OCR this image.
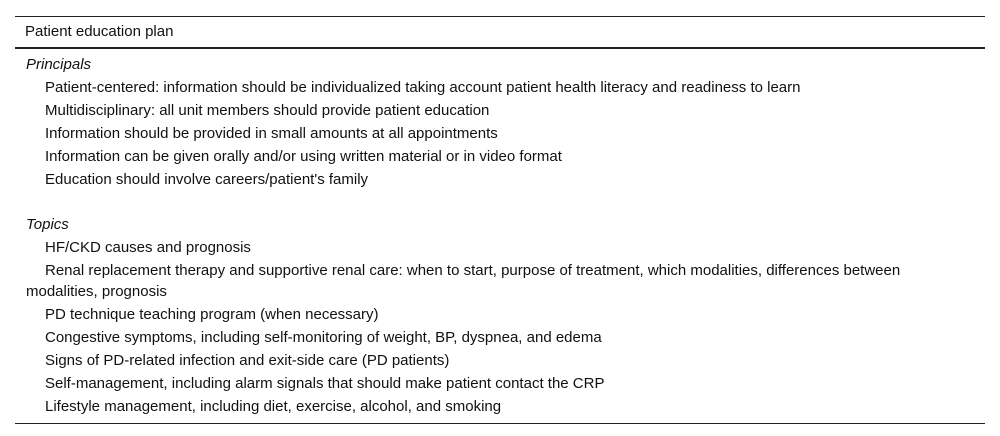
Patient education plan
Principals
Patient-centered: information should be individualized taking account patient health literacy and readiness to learn
Multidisciplinary: all unit members should provide patient education
Information should be provided in small amounts at all appointments
Information can be given orally and/or using written material or in video format
Education should involve careers/patient's family
Topics
HF/CKD causes and prognosis
Renal replacement therapy and supportive renal care: when to start, purpose of treatment, which modalities, differences between modalities, prognosis
PD technique teaching program (when necessary)
Congestive symptoms, including self-monitoring of weight, BP, dyspnea, and edema
Signs of PD-related infection and exit-side care (PD patients)
Self-management, including alarm signals that should make patient contact the CRP
Lifestyle management, including diet, exercise, alcohol, and smoking
